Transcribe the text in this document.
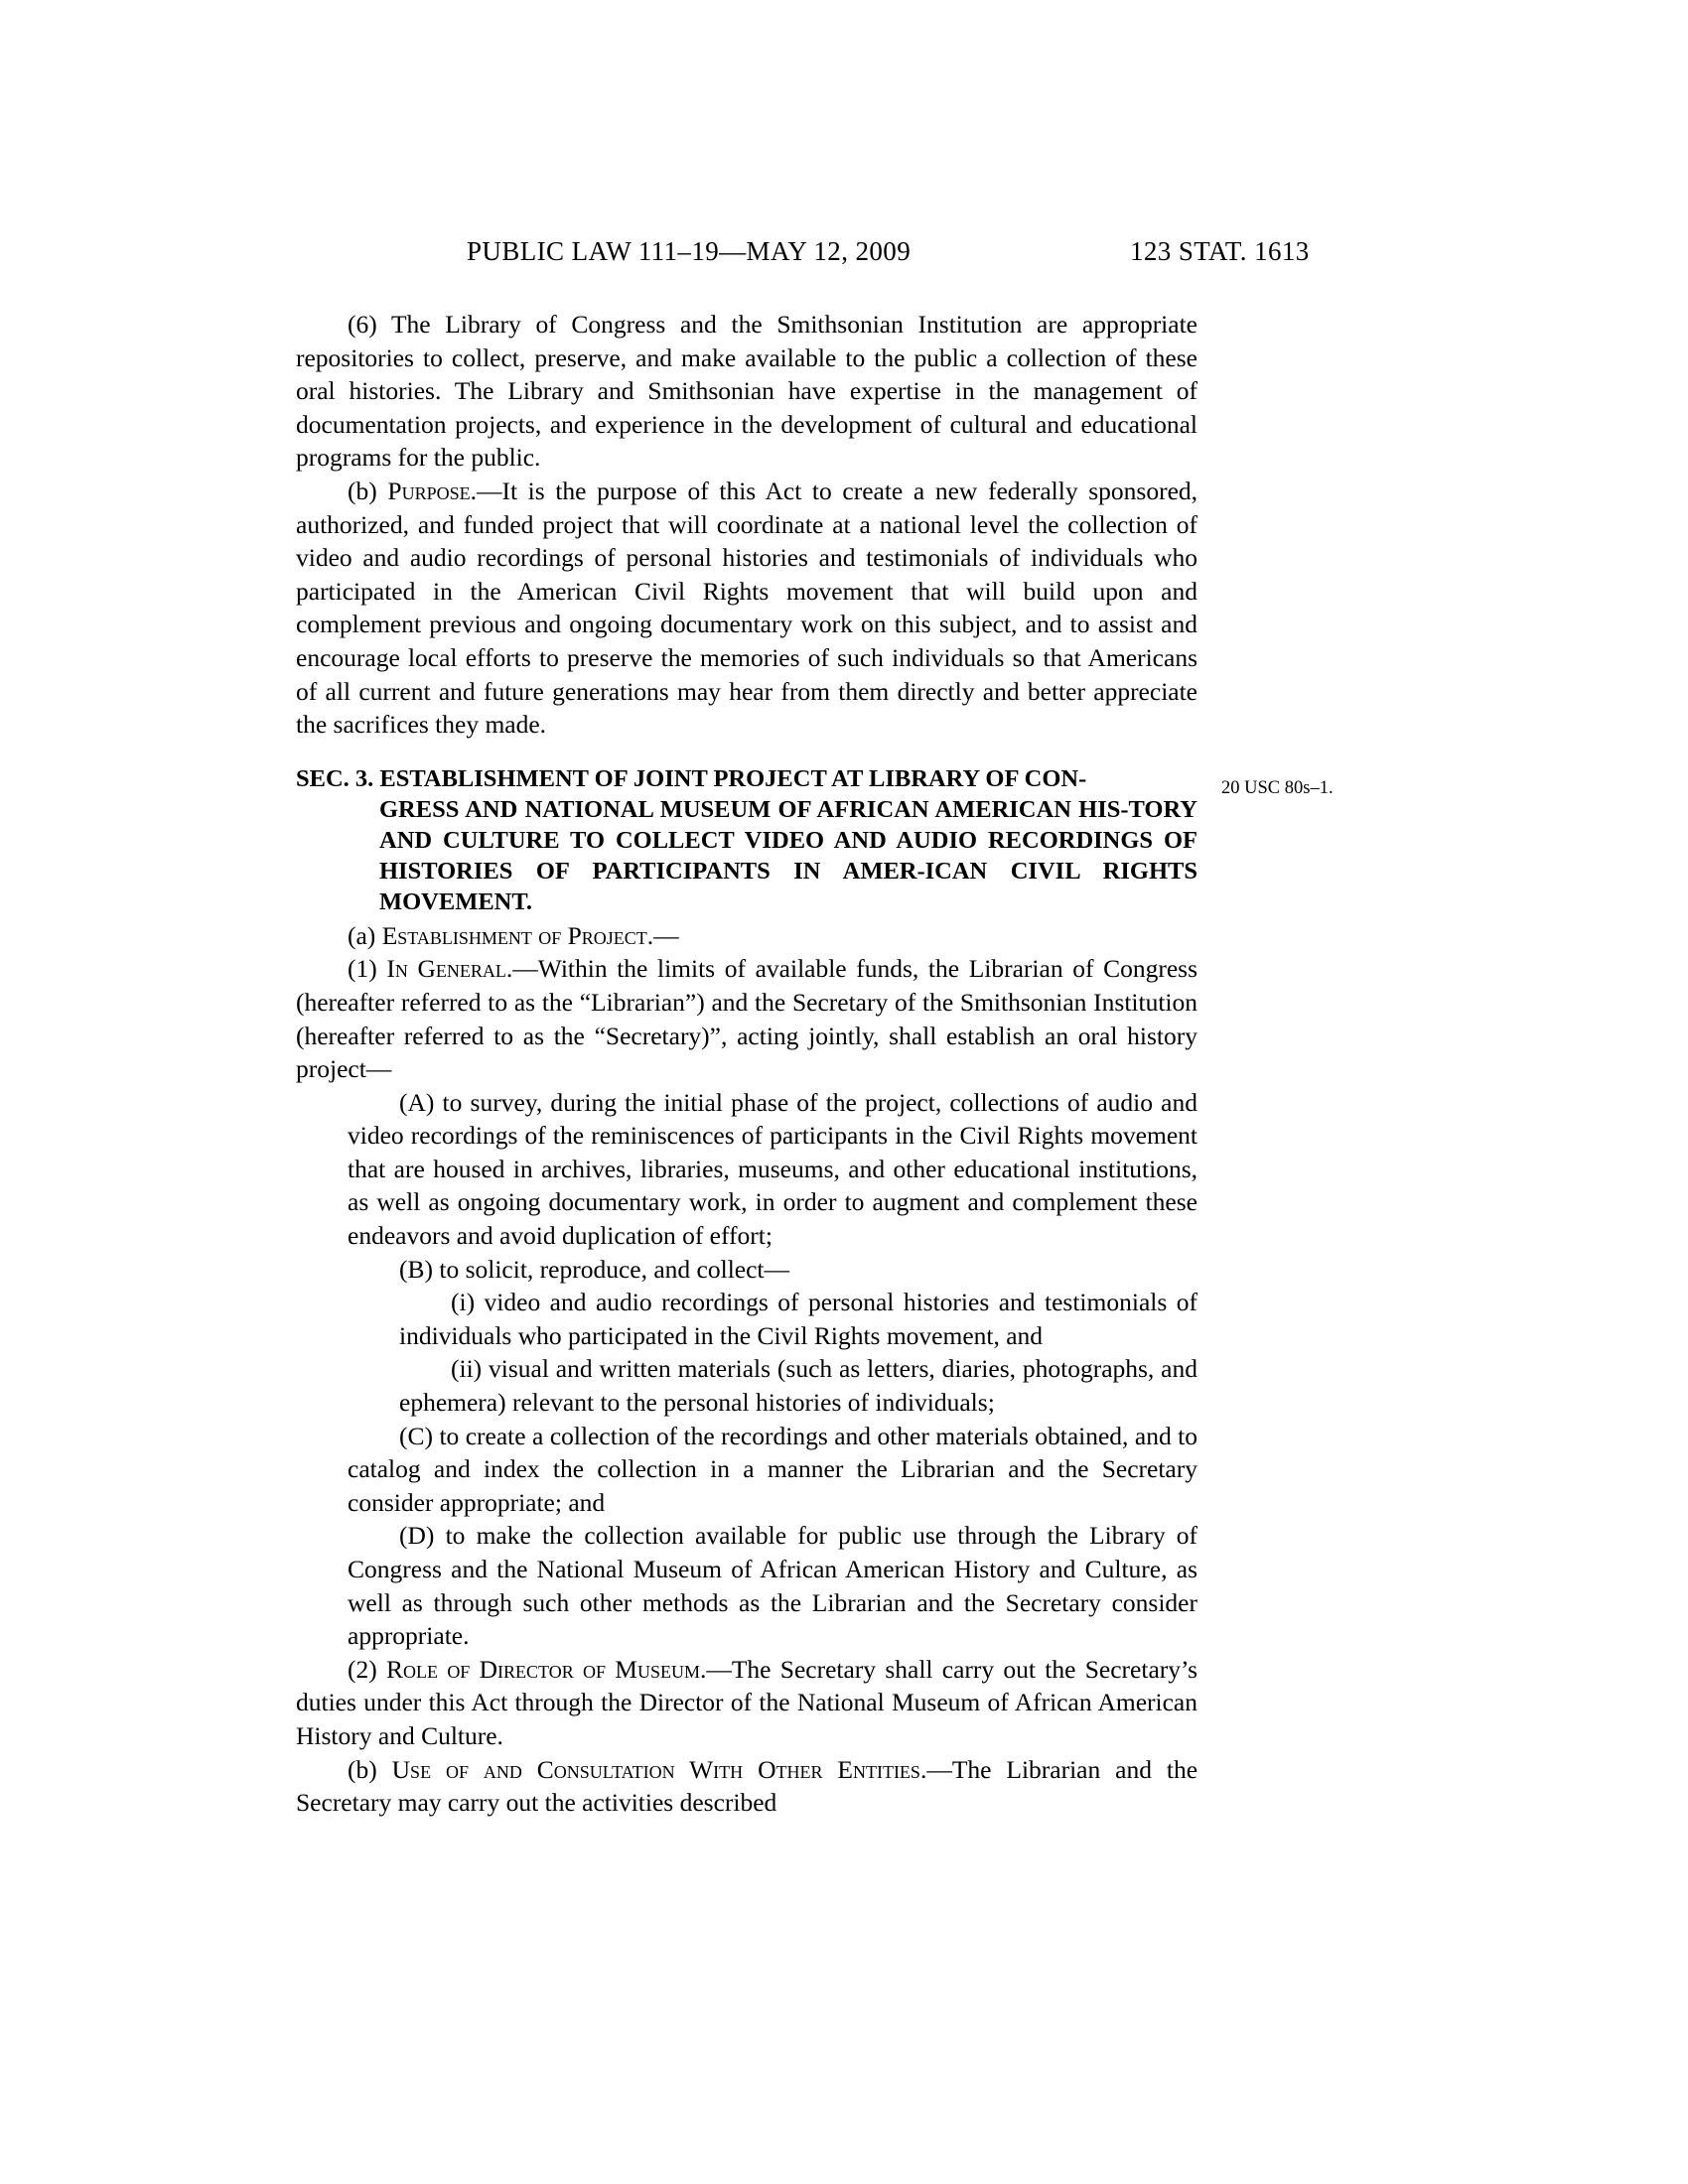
PUBLIC LAW 111–19—MAY 12, 2009	123 STAT. 1613
20 USC 80s–1.

(6) The Library of Congress and the Smithsonian Institution are appropriate repositories to collect, preserve, and make available to the public a collection of these oral histories. The Library and Smithsonian have expertise in the management of documentation projects, and experience in the development of cultural and educational programs for the public.

(b) Purpose.—It is the purpose of this Act to create a new federally sponsored, authorized, and funded project that will coordinate at a national level the collection of video and audio recordings of personal histories and testimonials of individuals who participated in the American Civil Rights movement that will build upon and complement previous and ongoing documentary work on this subject, and to assist and encourage local efforts to preserve the memories of such individuals so that Americans of all current and future generations may hear from them directly and better appreciate the sacrifices they made.

SEC. 3. ESTABLISHMENT OF JOINT PROJECT AT LIBRARY OF CON-
GRESS AND NATIONAL MUSEUM OF AFRICAN AMERICAN HIS-TORY AND CULTURE TO COLLECT VIDEO AND AUDIO RECORDINGS OF HISTORIES OF PARTICIPANTS IN AMER-ICAN CIVIL RIGHTS MOVEMENT.

(a) Establishment of Project.—

(1) In General.—Within the limits of available funds, the Librarian of Congress (hereafter referred to as the “Librarian”) and the Secretary of the Smithsonian Institution (hereafter referred to as the “Secretary)”, acting jointly, shall establish an oral history project—

(A) to survey, during the initial phase of the project, collections of audio and video recordings of the reminiscences of participants in the Civil Rights movement that are housed in archives, libraries, museums, and other educational institutions, as well as ongoing documentary work, in order to augment and complement these endeavors and avoid duplication of effort;

(B) to solicit, reproduce, and collect—

(i) video and audio recordings of personal histories and testimonials of individuals who participated in the Civil Rights movement, and

(ii) visual and written materials (such as letters, diaries, photographs, and ephemera) relevant to the personal histories of individuals;

(C) to create a collection of the recordings and other materials obtained, and to catalog and index the collection in a manner the Librarian and the Secretary consider appropriate; and

(D) to make the collection available for public use through the Library of Congress and the National Museum of African American History and Culture, as well as through such other methods as the Librarian and the Secretary consider appropriate.

(2) Role of Director of Museum.—The Secretary shall carry out the Secretary’s duties under this Act through the Director of the National Museum of African American History and Culture.

(b) Use of and Consultation With Other Entities.—The Librarian and the Secretary may carry out the activities described
